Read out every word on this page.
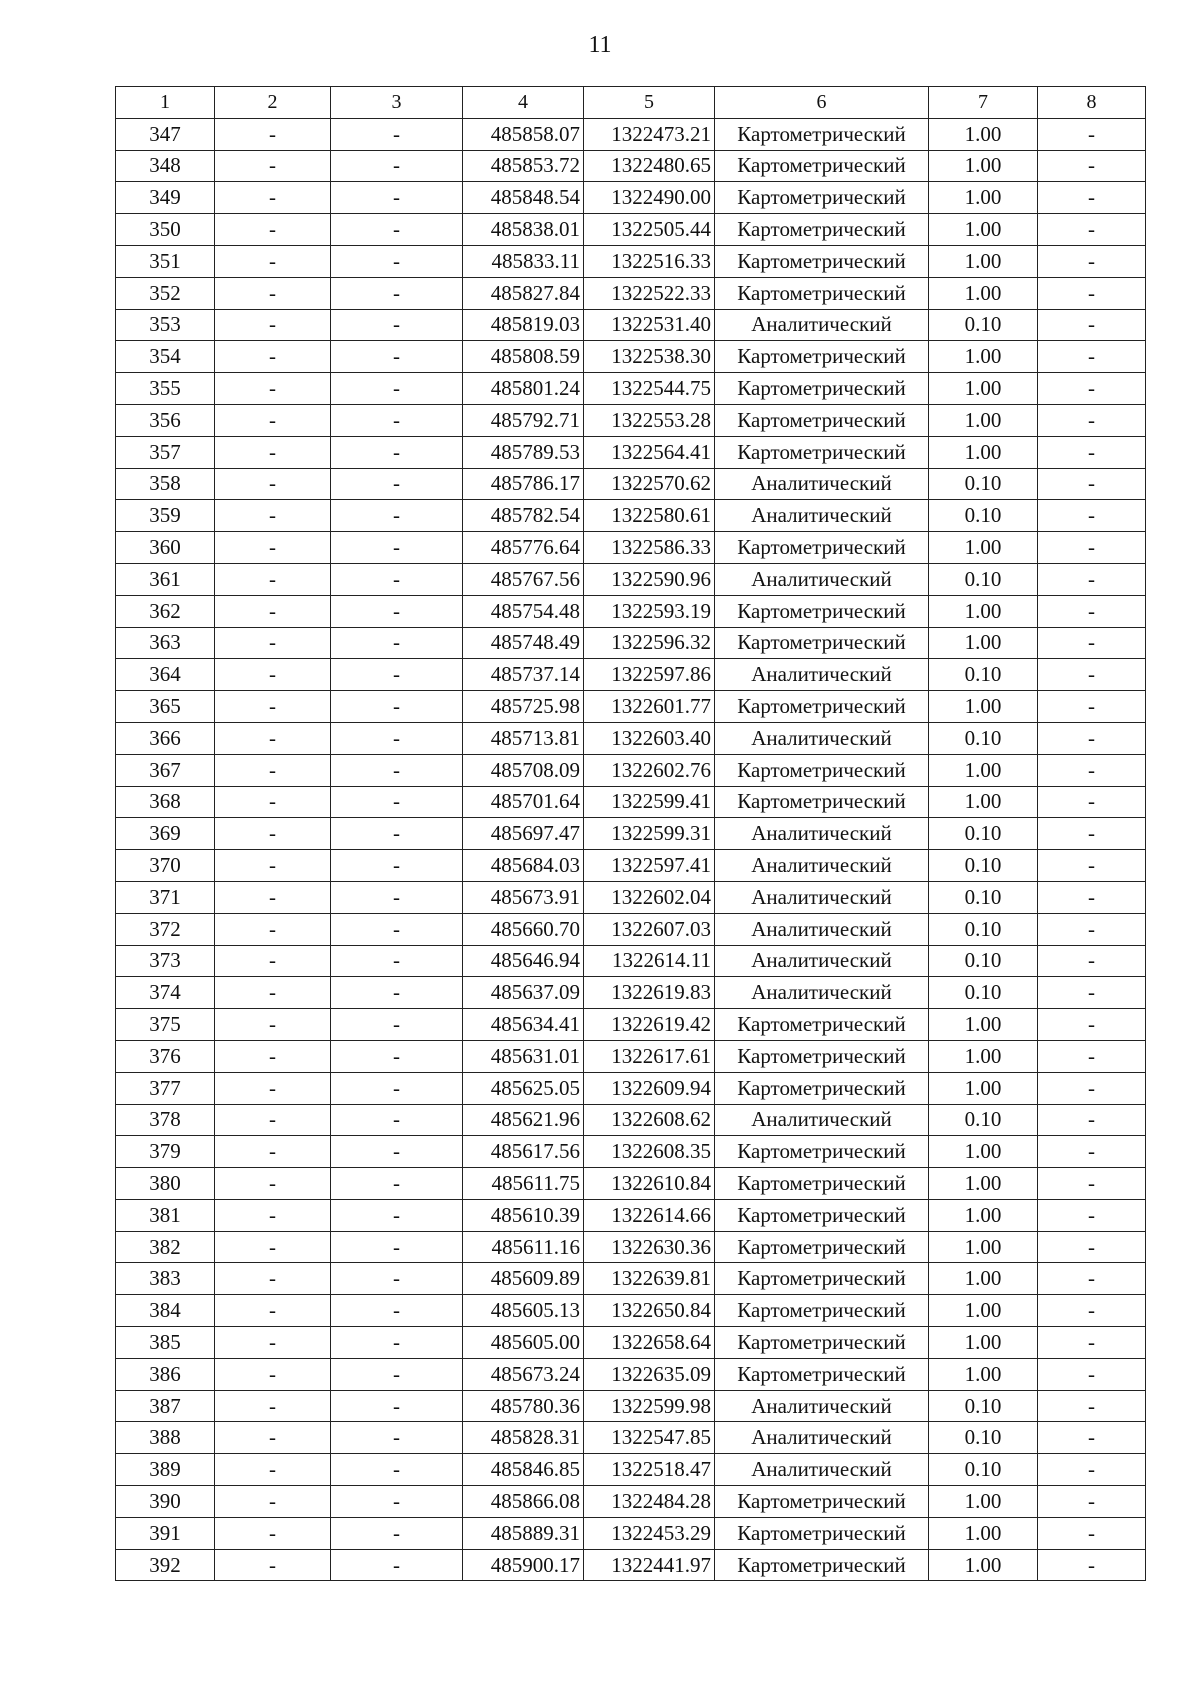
11
1	2	3	4	5	6	7	8
347	-	-	485858.07	1322473.21	Картометрический	1.00	-
348	-	-	485853.72	1322480.65	Картометрический	1.00	-
349	-	-	485848.54	1322490.00	Картометрический	1.00	-
350	-	-	485838.01	1322505.44	Картометрический	1.00	-
351	-	-	485833.11	1322516.33	Картометрический	1.00	-
352	-	-	485827.84	1322522.33	Картометрический	1.00	-
353	-	-	485819.03	1322531.40	Аналитический	0.10	-
354	-	-	485808.59	1322538.30	Картометрический	1.00	-
355	-	-	485801.24	1322544.75	Картометрический	1.00	-
356	-	-	485792.71	1322553.28	Картометрический	1.00	-
357	-	-	485789.53	1322564.41	Картометрический	1.00	-
358	-	-	485786.17	1322570.62	Аналитический	0.10	-
359	-	-	485782.54	1322580.61	Аналитический	0.10	-
360	-	-	485776.64	1322586.33	Картометрический	1.00	-
361	-	-	485767.56	1322590.96	Аналитический	0.10	-
362	-	-	485754.48	1322593.19	Картометрический	1.00	-
363	-	-	485748.49	1322596.32	Картометрический	1.00	-
364	-	-	485737.14	1322597.86	Аналитический	0.10	-
365	-	-	485725.98	1322601.77	Картометрический	1.00	-
366	-	-	485713.81	1322603.40	Аналитический	0.10	-
367	-	-	485708.09	1322602.76	Картометрический	1.00	-
368	-	-	485701.64	1322599.41	Картометрический	1.00	-
369	-	-	485697.47	1322599.31	Аналитический	0.10	-
370	-	-	485684.03	1322597.41	Аналитический	0.10	-
371	-	-	485673.91	1322602.04	Аналитический	0.10	-
372	-	-	485660.70	1322607.03	Аналитический	0.10	-
373	-	-	485646.94	1322614.11	Аналитический	0.10	-
374	-	-	485637.09	1322619.83	Аналитический	0.10	-
375	-	-	485634.41	1322619.42	Картометрический	1.00	-
376	-	-	485631.01	1322617.61	Картометрический	1.00	-
377	-	-	485625.05	1322609.94	Картометрический	1.00	-
378	-	-	485621.96	1322608.62	Аналитический	0.10	-
379	-	-	485617.56	1322608.35	Картометрический	1.00	-
380	-	-	485611.75	1322610.84	Картометрический	1.00	-
381	-	-	485610.39	1322614.66	Картометрический	1.00	-
382	-	-	485611.16	1322630.36	Картометрический	1.00	-
383	-	-	485609.89	1322639.81	Картометрический	1.00	-
384	-	-	485605.13	1322650.84	Картометрический	1.00	-
385	-	-	485605.00	1322658.64	Картометрический	1.00	-
386	-	-	485673.24	1322635.09	Картометрический	1.00	-
387	-	-	485780.36	1322599.98	Аналитический	0.10	-
388	-	-	485828.31	1322547.85	Аналитический	0.10	-
389	-	-	485846.85	1322518.47	Аналитический	0.10	-
390	-	-	485866.08	1322484.28	Картометрический	1.00	-
391	-	-	485889.31	1322453.29	Картометрический	1.00	-
392	-	-	485900.17	1322441.97	Картометрический	1.00	-
